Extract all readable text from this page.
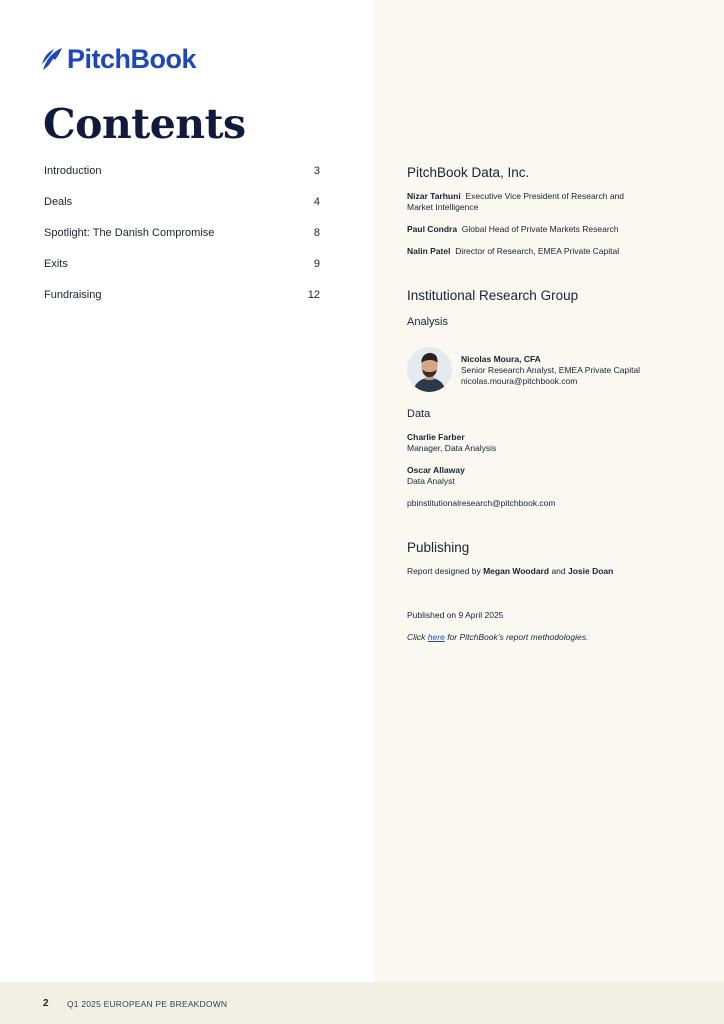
PitchBook
Contents
Introduction	3
Deals	4
Spotlight: The Danish Compromise	8
Exits	9
Fundraising	12
PitchBook Data, Inc.
Nizar Tarhuni Executive Vice President of Research and Market Intelligence
Paul Condra Global Head of Private Markets Research
Nalin Patel Director of Research, EMEA Private Capital
Institutional Research Group
Analysis
Nicolas Moura, CFA
Senior Research Analyst, EMEA Private Capital
nicolas.moura@pitchbook.com
Data
Charlie Farber
Manager, Data Analysis
Oscar Allaway
Data Analyst
pbinstitutionalresearch@pitchbook.com
Publishing
Report designed by Megan Woodard and Josie Doan
Published on 9 April 2025
Click here for PitchBook’s report methodologies.
2 Q1 2025 EUROPEAN PE BREAKDOWN
